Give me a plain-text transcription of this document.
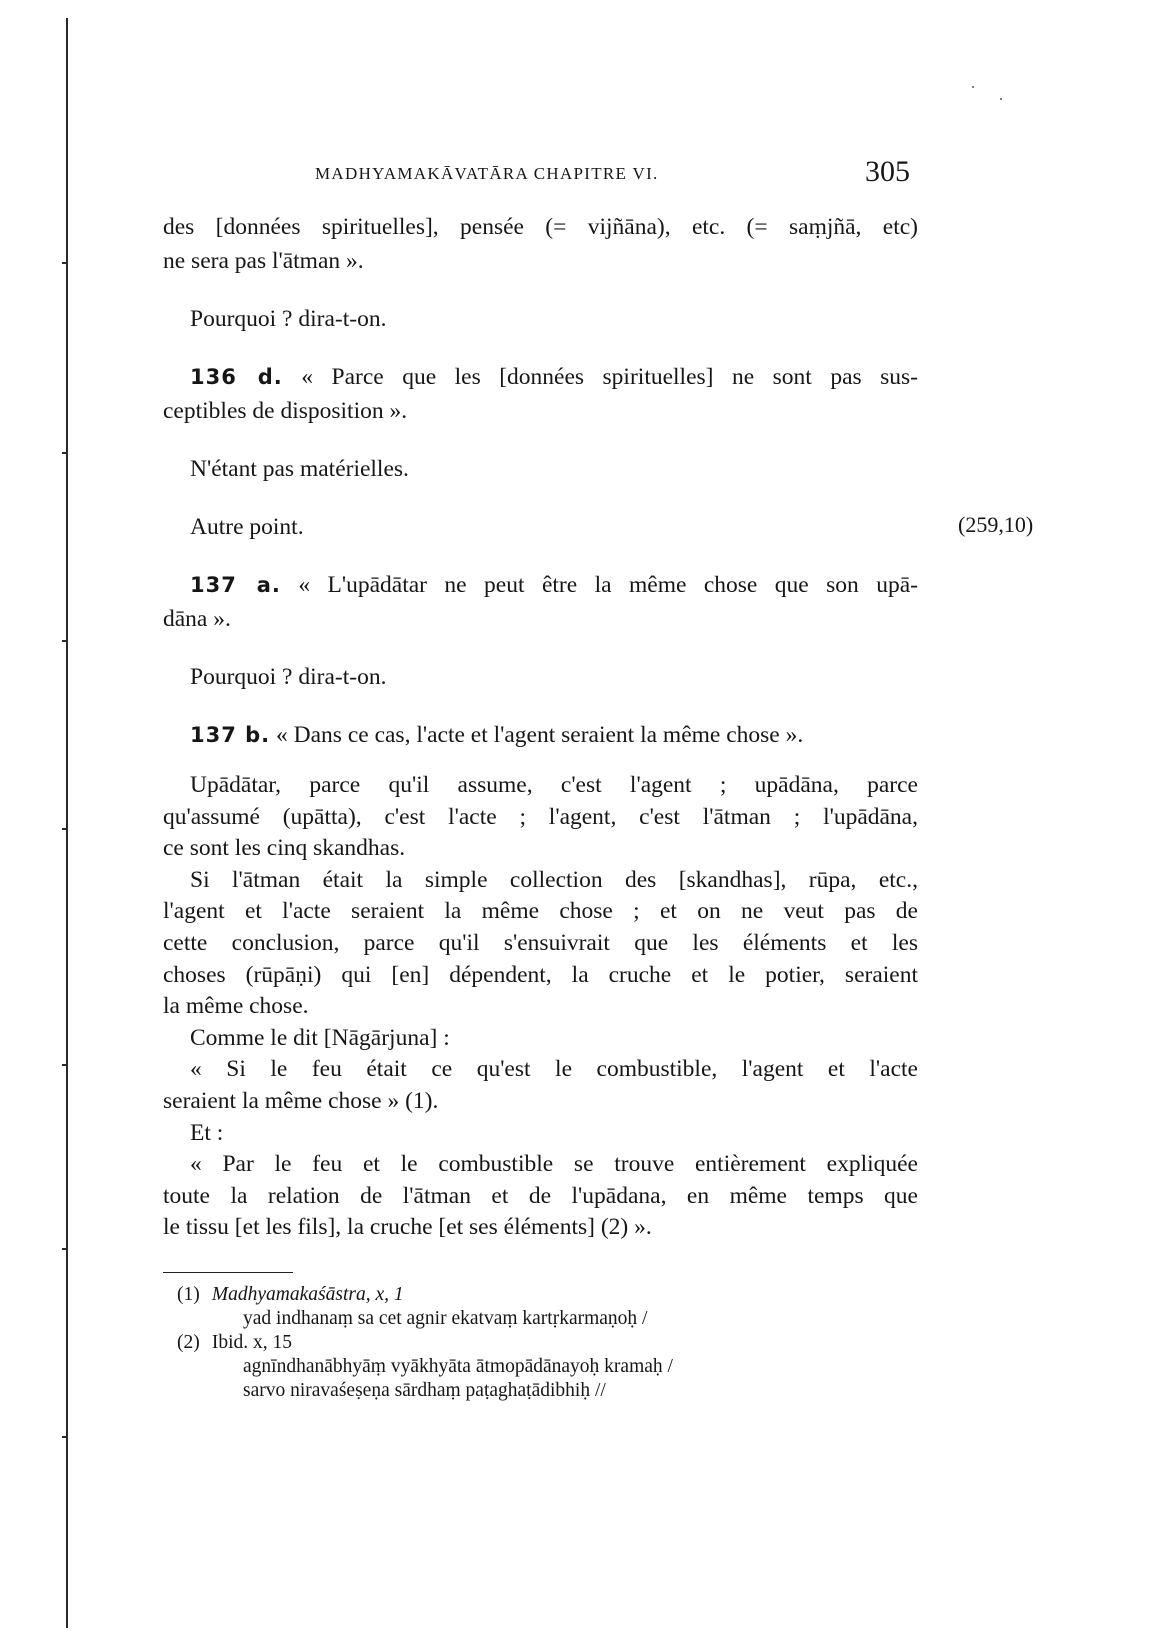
MADHYAMAKĀVATĀRA CHAPITRE VI.	305
(259,10)
des [données spirituelles], pensée (= vijñāna), etc. (= saṃjñā, etc)
ne sera pas l'ātman ».
Pourquoi ? dira-t-on.
136 d. « Parce que les [données spirituelles] ne sont pas sus-
ceptibles de disposition ».
N'étant pas matérielles.
Autre point.
137 a. « L'upādātar ne peut être la même chose que son upā-
dāna ».
Pourquoi ? dira-t-on.
137 b. « Dans ce cas, l'acte et l'agent seraient la même chose ».
Upādātar, parce qu'il assume, c'est l'agent ; upādāna, parce
qu'assumé (upātta), c'est l'acte ; l'agent, c'est l'ātman ; l'upādāna,
ce sont les cinq skandhas.
Si l'ātman était la simple collection des [skandhas], rūpa, etc.,
l'agent et l'acte seraient la même chose ; et on ne veut pas de
cette conclusion, parce qu'il s'ensuivrait que les éléments et les
choses (rūpāṇi) qui [en] dépendent, la cruche et le potier, seraient
la même chose.
Comme le dit [Nāgārjuna] :
« Si le feu était ce qu'est le combustible, l'agent et l'acte
seraient la même chose » (1).
Et :
« Par le feu et le combustible se trouve entièrement expliquée
toute la relation de l'ātman et de l'upādana, en même temps que
le tissu [et les fils], la cruche [et ses éléments] (2) ».
(1) Madhyamakaśāstra, x, 1
yad indhanaṃ sa cet agnir ekatvaṃ kartṛkarmaṇoḥ /
(2) Ibid. x, 15
agnīndhanābhyāṃ vyākhyāta ātmopādānayoḥ kramaḥ /
sarvo niravaśeṣeṇa sārdhaṃ paṭaghaṭādibhiḥ //
